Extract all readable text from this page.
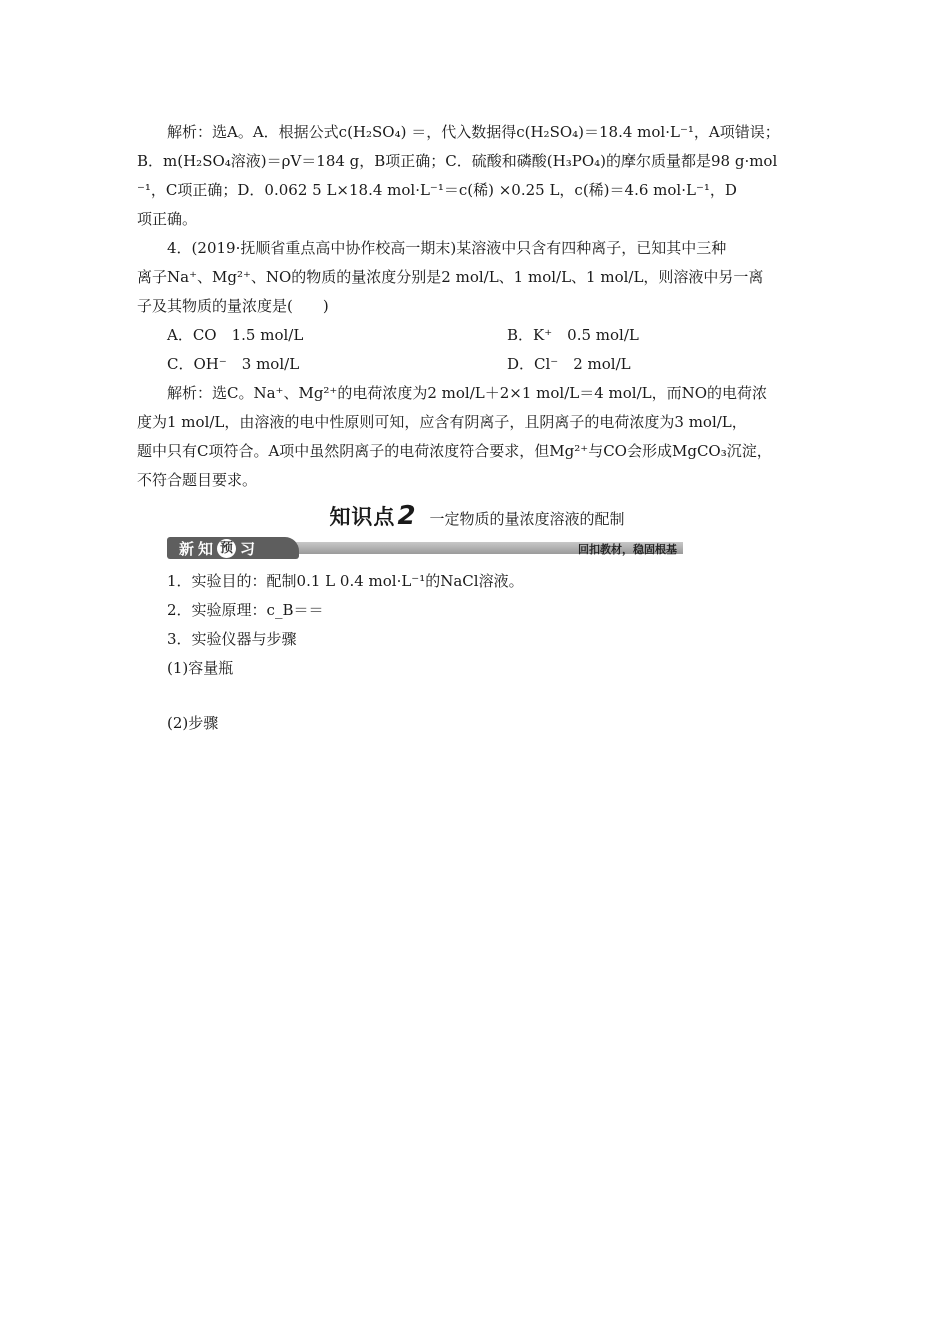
解析：选A。A．根据公式c(H₂SO₄) ＝，代入数据得c(H₂SO₄)＝18.4 mol·L⁻¹，A项错误；
B．m(H₂SO₄溶液)＝ρV＝184 g，B项正确；C．硫酸和磷酸(H₃PO₄)的摩尔质量都是98 g·mol
⁻¹，C项正确；D．0.062 5 L×18.4 mol·L⁻¹＝c(稀) ×0.25 L，c(稀)＝4.6 mol·L⁻¹，D
项正确。
4．(2019·抚顺省重点高中协作校高一期末)某溶液中只含有四种离子，已知其中三种
离子Na⁺、Mg²⁺、NO的物质的量浓度分别是2 mol/L、1 mol/L、1 mol/L，则溶液中另一离
子及其物质的量浓度是(　　)
A．CO　1.5 mol/L	B．K⁺　0.5 mol/L
C．OH⁻　3 mol/L	D．Cl⁻　2 mol/L
解析：选C。Na⁺、Mg²⁺的电荷浓度为2 mol/L＋2×1 mol/L＝4 mol/L，而NO的电荷浓
度为1 mol/L，由溶液的电中性原则可知，应含有阴离子，且阴离子的电荷浓度为3 mol/L，
题中只有C项符合。A项中虽然阴离子的电荷浓度符合要求，但Mg²⁺与CO会形成MgCO₃沉淀，
不符合题目要求。
知识点2 一定物质的量浓度溶液的配制
新知 预 习	回扣教材，稳固根基
1．实验目的：配制0.1 L 0.4 mol·L⁻¹的NaCl溶液。
2．实验原理：c_B＝＝
3．实验仪器与步骤
(1)容量瓶
(2)步骤
